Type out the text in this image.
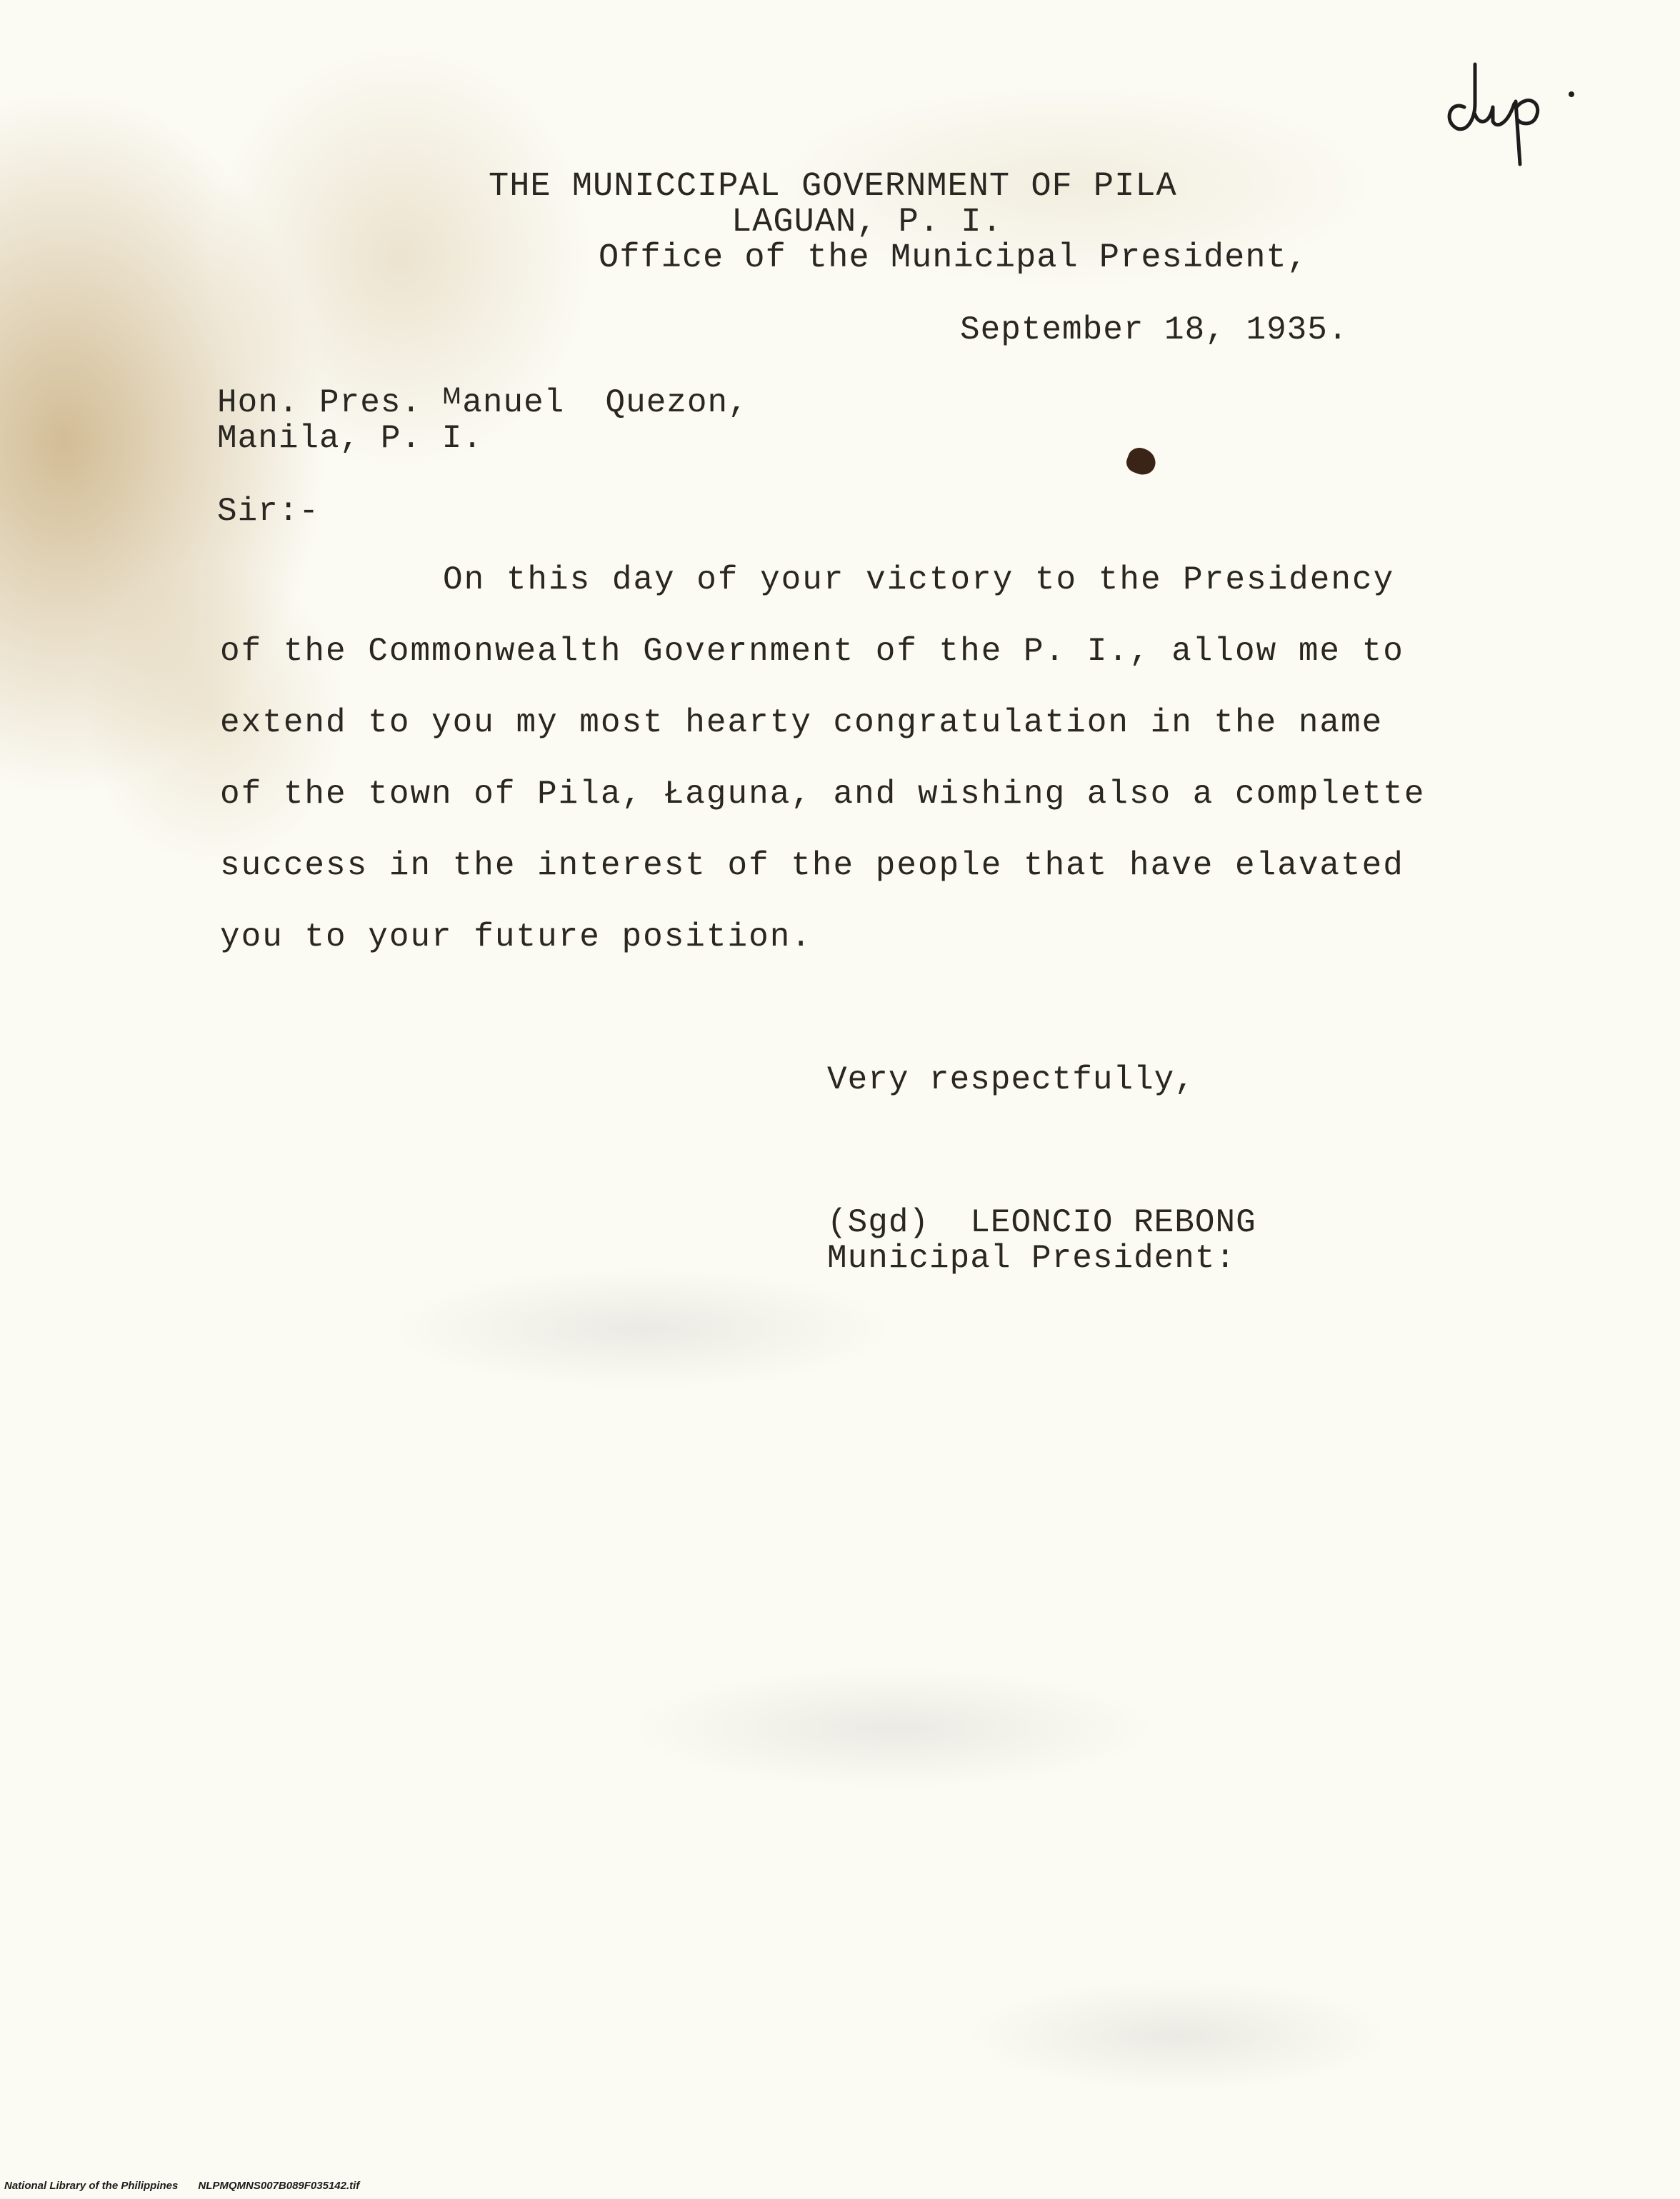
THE MUNICCIPAL GOVERNMENT OF PILA
LAGUAN, P. I.
Office of the Municipal President,
September 18, 1935.
Hon. Pres. ᴹanuel  Quezon,
Manila, P. I.
Sir:-
On this day of your victory to the Presidency
of the Commonwealth Government of the P. I., allow me to
extend to you my most hearty congratulation in the name
of the town of Pila, Łaguna, and wishing also a complette
success in the interest of the people that have elavated
you to your future position.
Very respectfully,
(Sgd)  LEONCIO REBONG
Municipal President:
National Library of the Philippines NLPMQMNS007B089F035142.tif
